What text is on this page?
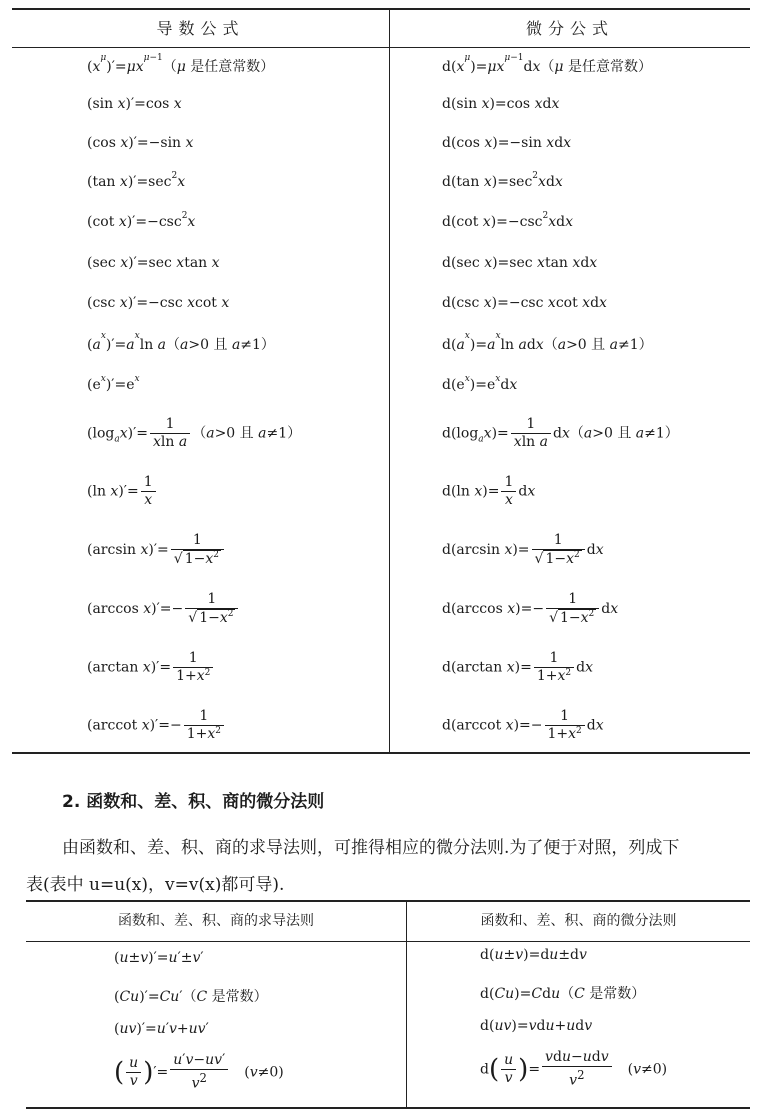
导数公式	微分公式
$(x^\mu)'=\mu x^{\mu-1}(\mu$ 是任意常数）	$d(x^\mu)=\mu x^{\mu-1}dx(\mu$ 是任意常数）
(sin x)′=cos x	d(sin x)=cos xdx
(cos x)′=−sin x	d(cos x)=−sin xdx
(tan $x)'=\sec^2x$	d(tan $x)=\sec^2xdx$
(cot $x)'=-\csc^2x$	d(cot $x)=-\csc^2xdx$
(sec x)′=sec xtan x	d(sec x)=sec xtan xdx
(csc x)′=−csc xcot x	d(csc x)=−csc xcot xdx
$(a^x)'=a^x\ln$ a（a>0 且 a≠1）	$d(a^x)=a^x\ln$ adx（a>0 且 a≠1）
$(e^x)'=e^x$	$d(e^x)=e^xdx$
$(\log_ax)'= \frac{1}{\text{xln a}} (a>0$ 且 a≠1）	$d(\log_ax)= \frac{1}{\text{xln a}} dx(a>0$ 且 a≠1）
(ln $x)'= \frac{1}{x}$	d(ln $x)= \frac{1}{x}$ dx
(arcsin $x)'= \frac{1}{√ 1-x^2}$	d(arcsin $x)= \frac{1}{√ 1-x^2}$ dx
(arccos $x)'=- \frac{1}{√ 1-x^2}$	d(arccos $x)=- \frac{1}{√ 1-x^2}$ dx
(arctan $x)'= \frac{1}{1+x^2}$	d(arctan $x)= \frac{1}{1+x^2}$ dx
(arccot $x)'=- \frac{1}{1+x^2}$	d(arccot $x)=- \frac{1}{1+x^2}$ dx
2. 函数和、差、积、商的微分法则
由函数和、差、积、商的求导法则，可推得相应的微分法则.为了便于对照，列成下
表(表中 u=u(x)，v=v(x)都可导).
函数和、差、积、商的求导法则	函数和、差、积、商的微分法则
(u±v)′=u′±v′	d(u±v)=du±dv
(Cu)′=Cu′（C 是常数）	d(Cu)=Cdu（C 是常数）
(uv)′=u′v+uv′	d(uv)=vdu+udv
( $\frac{u}{v}$ )′= $\frac{u'v-uv'}{v^2}$ 　(v≠0)	$d( \frac{u}{v}$ )= $\frac{\text{vdu−udv}}{v^2}$ 　(v≠0)
